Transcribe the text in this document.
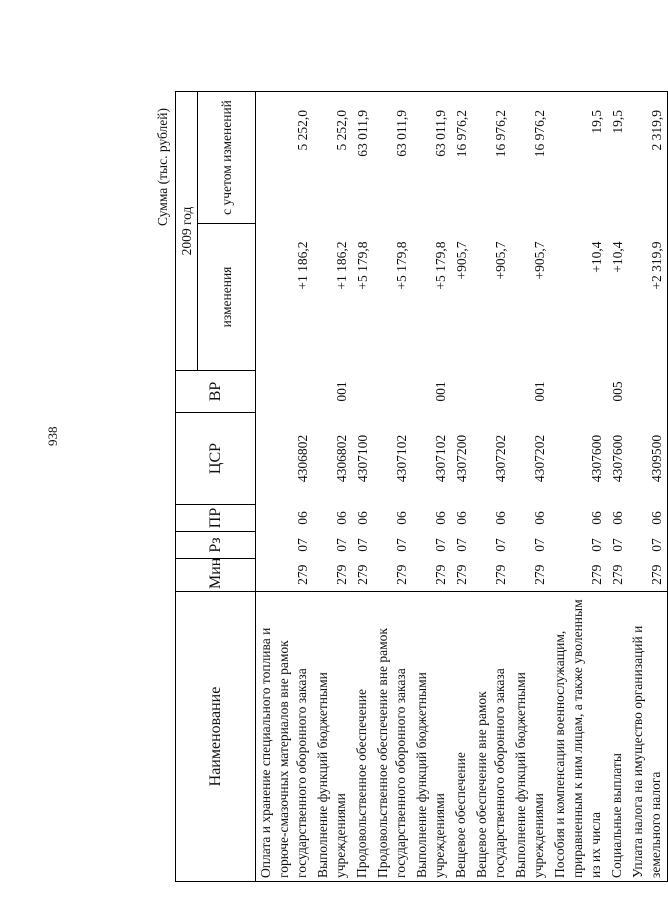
938
Сумма (тыс. рублей)
Наименование	Мин	Рз	ПР	ЦСР	ВР	2009 год	
						изменения	с учетом изменений
Оплата и хранение специального топлива и горюче-смазочных материалов вне рамок государственного оборонного заказа	279	07	06	4306802		+1 186,2	5 252,0
Выполнение функций бюджетными учреждениями	279	07	06	4306802	001	+1 186,2	5 252,0
Продовольственное обеспечение	279	07	06	4307100		+5 179,8	63 011,9
Продовольственное обеспечение вне рамок государственного оборонного заказа	279	07	06	4307102		+5 179,8	63 011,9
Выполнение функций бюджетными учреждениями	279	07	06	4307102	001	+5 179,8	63 011,9
Вещевое обеспечение	279	07	06	4307200		+905,7	16 976,2
Вещевое обеспечение вне рамок государственного оборонного заказа	279	07	06	4307202		+905,7	16 976,2
Выполнение функций бюджетными учреждениями	279	07	06	4307202	001	+905,7	16 976,2
Пособия и компенсации военнослужащим, приравненным к ним лицам, а также уволенным из их числа	279	07	06	4307600		+10,4	19,5
Социальные выплаты	279	07	06	4307600	005	+10,4	19,5
Уплата налога на имущество организаций и земельного налога	279	07	06	4309500		+2 319,9	2 319,9
